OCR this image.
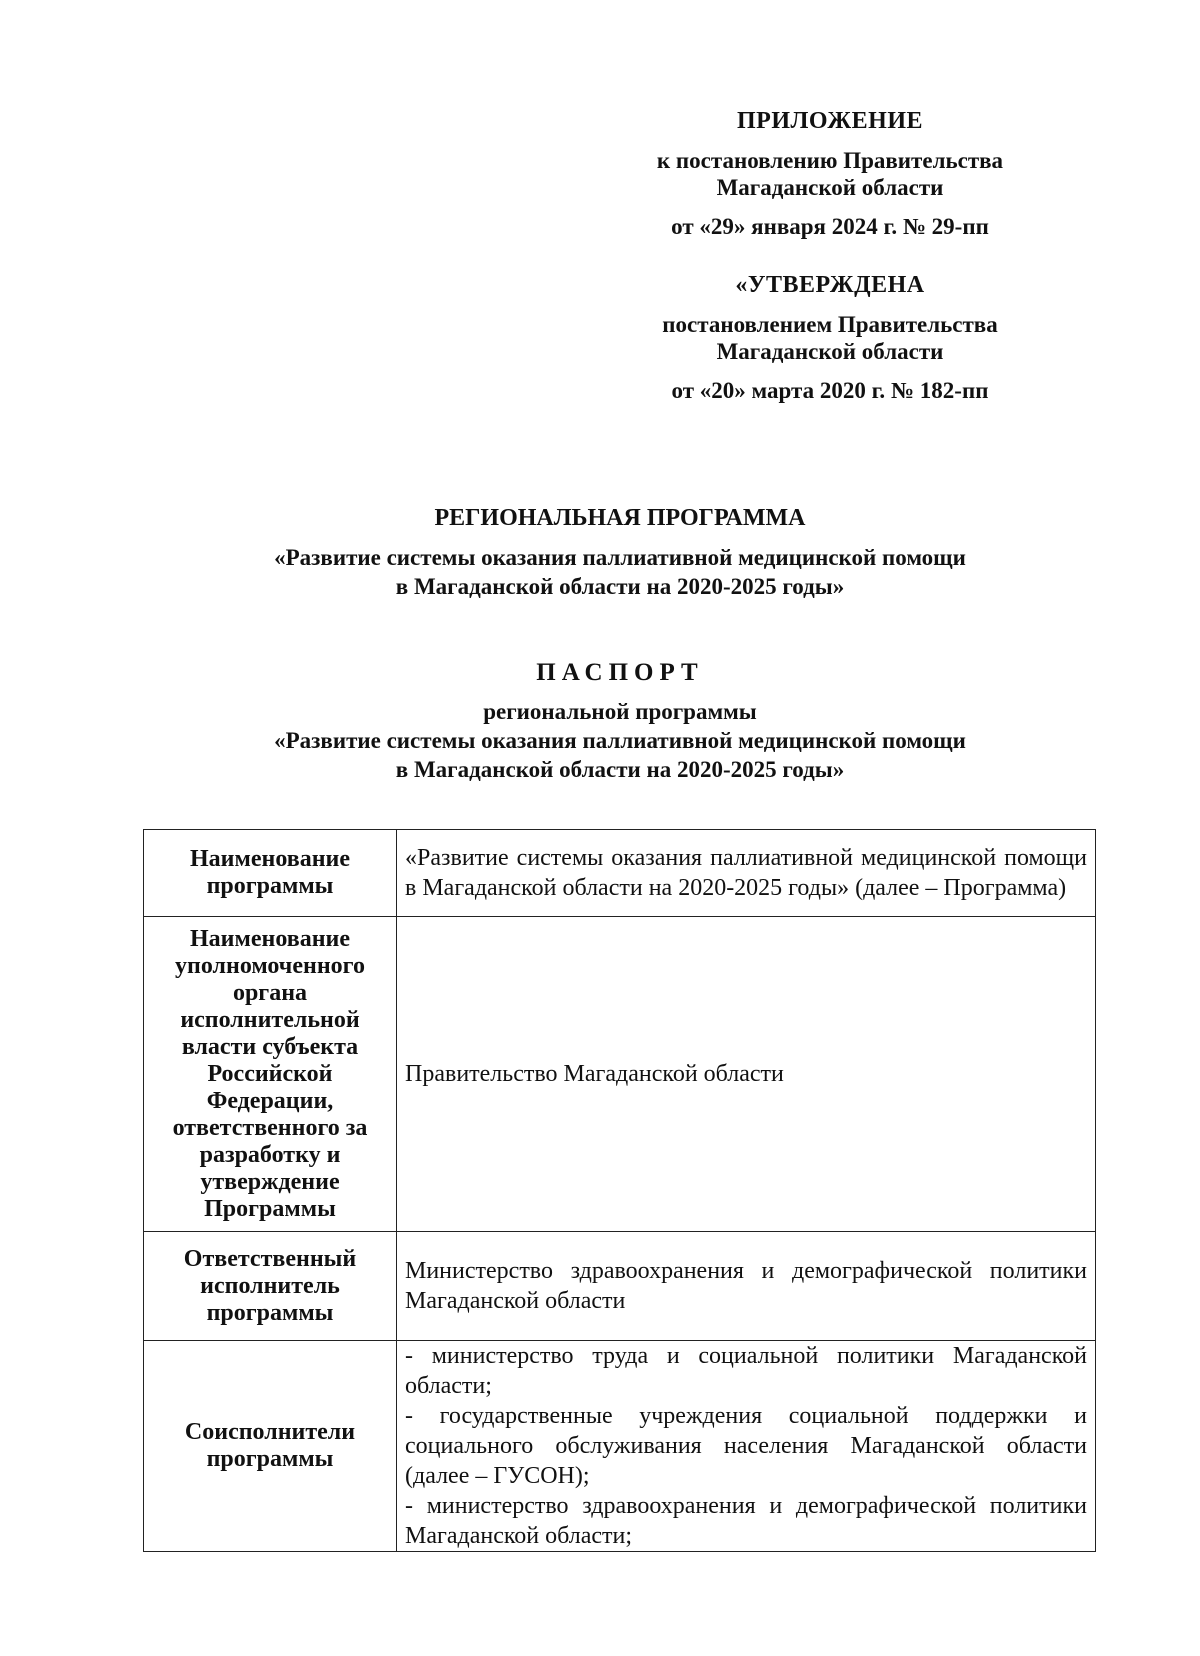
ПРИЛОЖЕНИЕ
к постановлению Правительства
Магаданской области
от «29» января 2024 г. № 29-пп
«УТВЕРЖДЕНА
постановлением Правительства
Магаданской области
от «20» марта 2020 г. № 182-пп
РЕГИОНАЛЬНАЯ ПРОГРАММА
«Развитие системы оказания паллиативной медицинской помощи
в Магаданской области на 2020-2025 годы»
ПАСПОРТ
региональной программы
«Развитие системы оказания паллиативной медицинской помощи
в Магаданской области на 2020-2025 годы»
Наименование программы	«Развитие системы оказания паллиативной медицинской помощи в Магаданской области на 2020-2025 годы» (далее – Программа)
Наименование уполномоченного органа исполнительной власти субъекта Российской Федерации, ответственного за разработку и утверждение Программы	Правительство Магаданской области
Ответственный исполнитель программы	Министерство здравоохранения и демографической политики Магаданской области
Соисполнители программы	- министерство труда и социальной политики Магаданской области;
- государственные учреждения социальной поддержки и социального обслуживания населения Магаданской области (далее – ГУСОН);
- министерство здравоохранения и демографической политики Магаданской области;
